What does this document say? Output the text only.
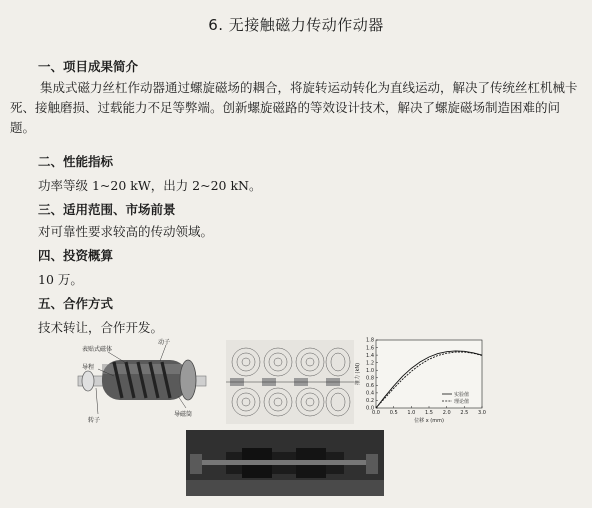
6. 无接触磁力传动作动器
一、项目成果简介
集成式磁力丝杠作动器通过螺旋磁场的耦合，将旋转运动转化为直线运动，解决了传统丝杠机械卡死、接触磨损、过载能力不足等弊端。创新螺旋磁路的等效设计技术，解决了螺旋磁场制造困难的问题。
二、性能指标
功率等级 1~20 kW，出力 2~20 kN。
三、适用范围、市场前景
对可靠性要求较高的传动领域。
四、投资概算
10 万。
五、合作方式
技术转让，合作开发。
表贴式磁体
动子
导程
导磁筒
转子
0.0 0.5 1.0 1.5 2.0 2.5 3.0
0.0
0.2
0.4
0.6
0.8
1.0
1.2
1.4
1.6
1.8
实验值
理论值
位移 x (mm)
推力 (kN)
